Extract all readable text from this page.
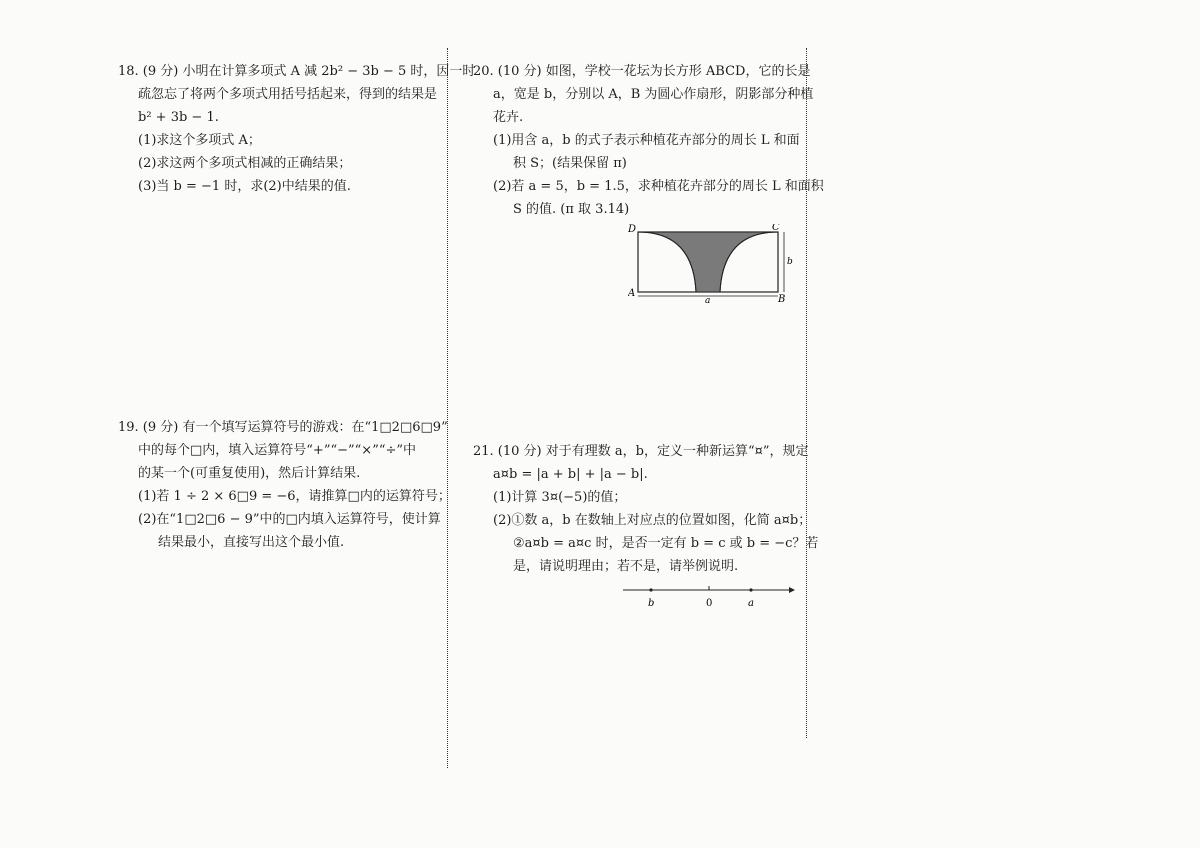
18. (9 分) 小明在计算多项式 A 减 2b² − 3b − 5 时，因一时
疏忽忘了将两个多项式用括号括起来，得到的结果是
b² + 3b − 1.
(1)求这个多项式 A；
(2)求这两个多项式相减的正确结果；
(3)当 b = −1 时，求(2)中结果的值.
19. (9 分) 有一个填写运算符号的游戏：在“1□2□6□9”
中的每个□内，填入运算符号“+”“−”“×”“÷”中
的某一个(可重复使用)，然后计算结果.
(1)若 1 ÷ 2 × 6□9 = −6，请推算□内的运算符号；
(2)在“1□2□6 − 9”中的□内填入运算符号，使计算
结果最小，直接写出这个最小值.
20. (10 分) 如图，学校一花坛为长方形 ABCD，它的长是
a，宽是 b，分别以 A，B 为圆心作扇形，阴影部分种植
花卉.
(1)用含 a，b 的式子表示种植花卉部分的周长 L 和面
积 S；(结果保留 π)
(2)若 a = 5，b = 1.5，求种植花卉部分的周长 L 和面积
S 的值. (π 取 3.14)
D	C
A
B
a
b
21. (10 分) 对于有理数 a，b，定义一种新运算“¤”，规定
a¤b = |a + b| + |a − b|.
(1)计算 3¤(−5)的值；
(2)①数 a，b 在数轴上对应点的位置如图，化简 a¤b；
②a¤b = a¤c 时，是否一定有 b = c 或 b = −c？若
是，请说明理由；若不是，请举例说明.
b	0	a
